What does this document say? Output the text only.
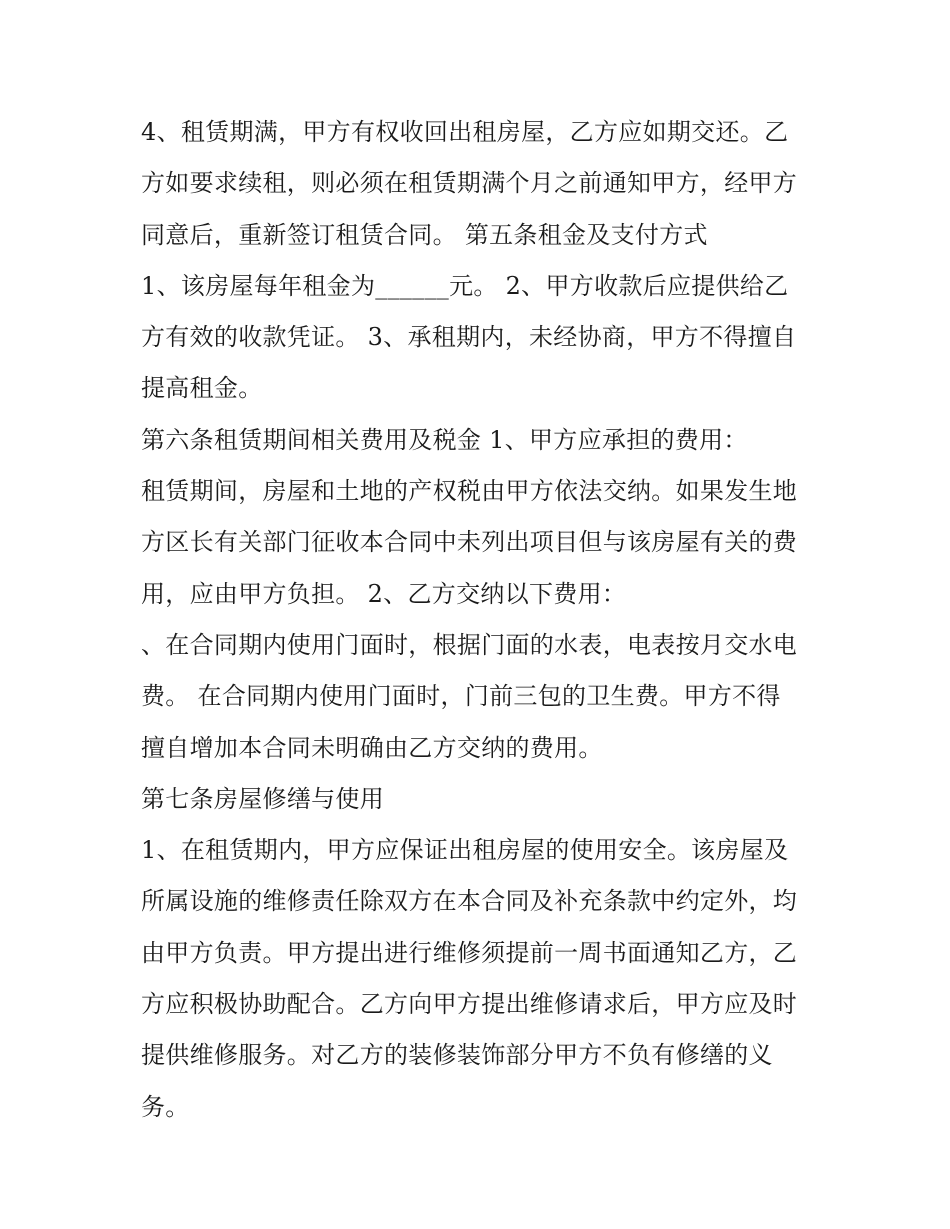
4、租赁期满，甲方有权收回出租房屋，乙方应如期交还。乙
方如要求续租，则必须在租赁期满个月之前通知甲方，经甲方
同意后，重新签订租赁合同。 第五条租金及支付方式
1、该房屋每年租金为______元。 2、甲方收款后应提供给乙
方有效的收款凭证。 3、承租期内，未经协商，甲方不得擅自
提高租金。
第六条租赁期间相关费用及税金 1、甲方应承担的费用：
租赁期间，房屋和土地的产权税由甲方依法交纳。如果发生地
方区长有关部门征收本合同中未列出项目但与该房屋有关的费
用，应由甲方负担。 2、乙方交纳以下费用：
、在合同期内使用门面时，根据门面的水表，电表按月交水电
费。 在合同期内使用门面时，门前三包的卫生费。甲方不得
擅自增加本合同未明确由乙方交纳的费用。
第七条房屋修缮与使用
1、在租赁期内，甲方应保证出租房屋的使用安全。该房屋及
所属设施的维修责任除双方在本合同及补充条款中约定外，均
由甲方负责。甲方提出进行维修须提前一周书面通知乙方，乙
方应积极协助配合。乙方向甲方提出维修请求后，甲方应及时
提供维修服务。对乙方的装修装饰部分甲方不负有修缮的义
务。
